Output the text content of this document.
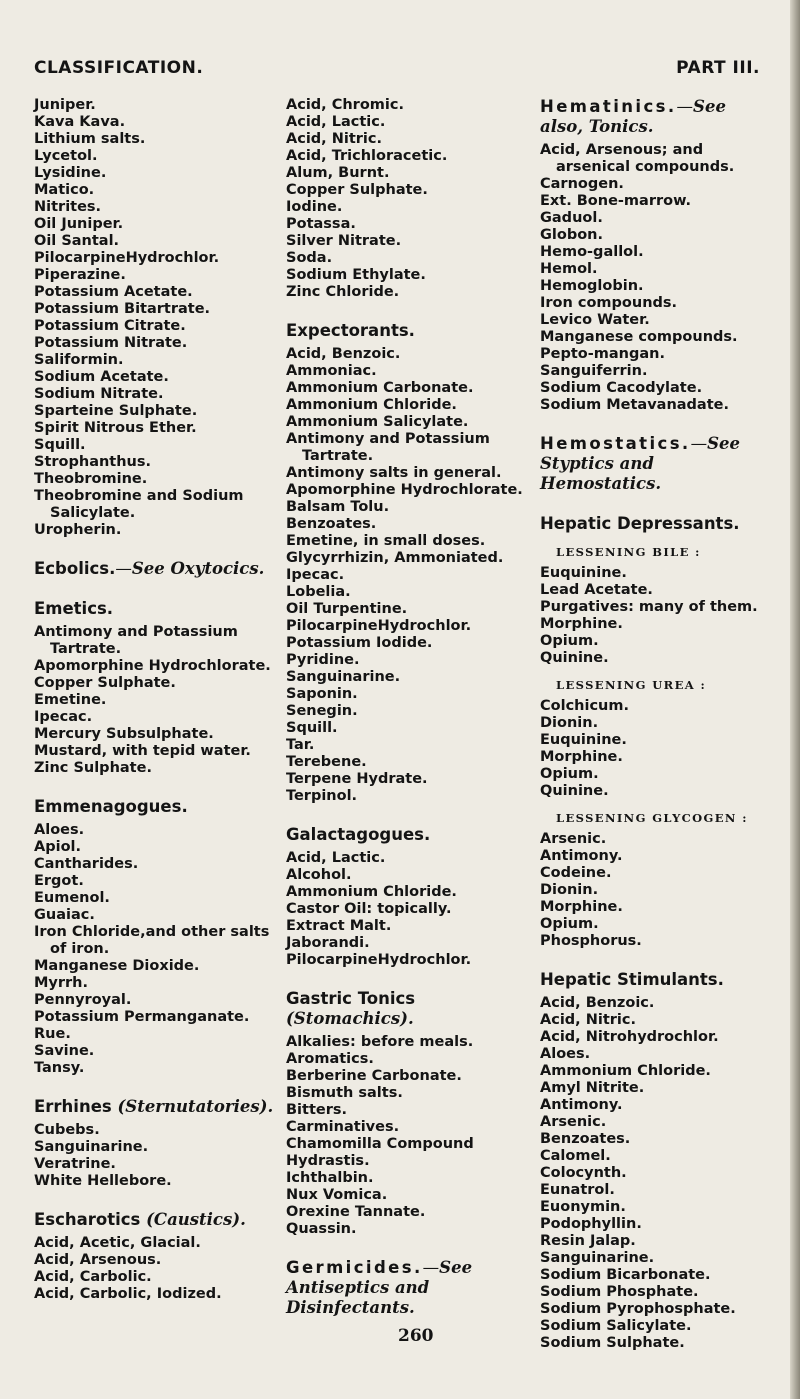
CLASSIFICATION.	PART III.
Juniper.
Kava Kava.
Lithium salts.
Lycetol.
Lysidine.
Matico.
Nitrites.
Oil Juniper.
Oil Santal.
PilocarpineHydrochlor.
Piperazine.
Potassium Acetate.
Potassium Bitartrate.
Potassium Citrate.
Potassium Nitrate.
Saliformin.
Sodium Acetate.
Sodium Nitrate.
Sparteine Sulphate.
Spirit Nitrous Ether.
Squill.
Strophanthus.
Theobromine.
Theobromine and Sodium Salicylate.
Uropherin.
Ecbolics.—See Oxytocics.
Emetics.
Antimony and Potassium Tartrate.
Apomorphine Hydrochlorate.
Copper Sulphate.
Emetine.
Ipecac.
Mercury Subsulphate.
Mustard, with tepid water.
Zinc Sulphate.
Emmenagogues.
Aloes.
Apiol.
Cantharides.
Ergot.
Eumenol.
Guaiac.
Iron Chloride,and other salts of iron.
Manganese Dioxide.
Myrrh.
Pennyroyal.
Potassium Permanganate.
Rue.
Savine.
Tansy.
Errhines (Sternutatories).
Cubebs.
Sanguinarine.
Veratrine.
White Hellebore.
Escharotics (Caustics).
Acid, Acetic, Glacial.
Acid, Arsenous.
Acid, Carbolic.
Acid, Carbolic, Iodized.
Acid, Chromic.
Acid, Lactic.
Acid, Nitric.
Acid, Trichloracetic.
Alum, Burnt.
Copper Sulphate.
Iodine.
Potassa.
Silver Nitrate.
Soda.
Sodium Ethylate.
Zinc Chloride.
Expectorants.
Acid, Benzoic.
Ammoniac.
Ammonium Carbonate.
Ammonium Chloride.
Ammonium Salicylate.
Antimony and Potassium Tartrate.
Antimony salts in general.
Apomorphine Hydrochlorate.
Balsam Tolu.
Benzoates.
Emetine, in small doses.
Glycyrrhizin, Ammoniated.
Ipecac.
Lobelia.
Oil Turpentine.
PilocarpineHydrochlor.
Potassium Iodide.
Pyridine.
Sanguinarine.
Saponin.
Senegin.
Squill.
Tar.
Terebene.
Terpene Hydrate.
Terpinol.
Galactagogues.
Acid, Lactic.
Alcohol.
Ammonium Chloride.
Castor Oil: topically.
Extract Malt.
Jaborandi.
PilocarpineHydrochlor.
Gastric Tonics (Stomachics).
Alkalies: before meals.
Aromatics.
Berberine Carbonate.
Bismuth salts.
Bitters.
Carminatives.
Chamomilla Compound
Hydrastis.
Ichthalbin.
Nux Vomica.
Orexine Tannate.
Quassin.
Germicides.—See Antiseptics and Disinfectants.
Hematinics.—See also, Tonics.
Acid, Arsenous; and arsenical compounds.
Carnogen.
Ext. Bone-marrow.
Gaduol.
Globon.
Hemo-gallol.
Hemol.
Hemoglobin.
Iron compounds.
Levico Water.
Manganese compounds.
Pepto-mangan.
Sanguiferrin.
Sodium Cacodylate.
Sodium Metavanadate.
Hemostatics.—See Styptics and Hemostatics.
Hepatic Depressants.
LESSENING BILE :
Euquinine.
Lead Acetate.
Purgatives: many of them.
Morphine.
Opium.
Quinine.
LESSENING UREA :
Colchicum.
Dionin.
Euquinine.
Morphine.
Opium.
Quinine.
LESSENING GLYCOGEN :
Arsenic.
Antimony.
Codeine.
Dionin.
Morphine.
Opium.
Phosphorus.
Hepatic Stimulants.
Acid, Benzoic.
Acid, Nitric.
Acid, Nitrohydrochlor.
Aloes.
Ammonium Chloride.
Amyl Nitrite.
Antimony.
Arsenic.
Benzoates.
Calomel.
Colocynth.
Eunatrol.
Euonymin.
Podophyllin.
Resin Jalap.
Sanguinarine.
Sodium Bicarbonate.
Sodium Phosphate.
Sodium Pyrophosphate.
Sodium Salicylate.
Sodium Sulphate.
260
